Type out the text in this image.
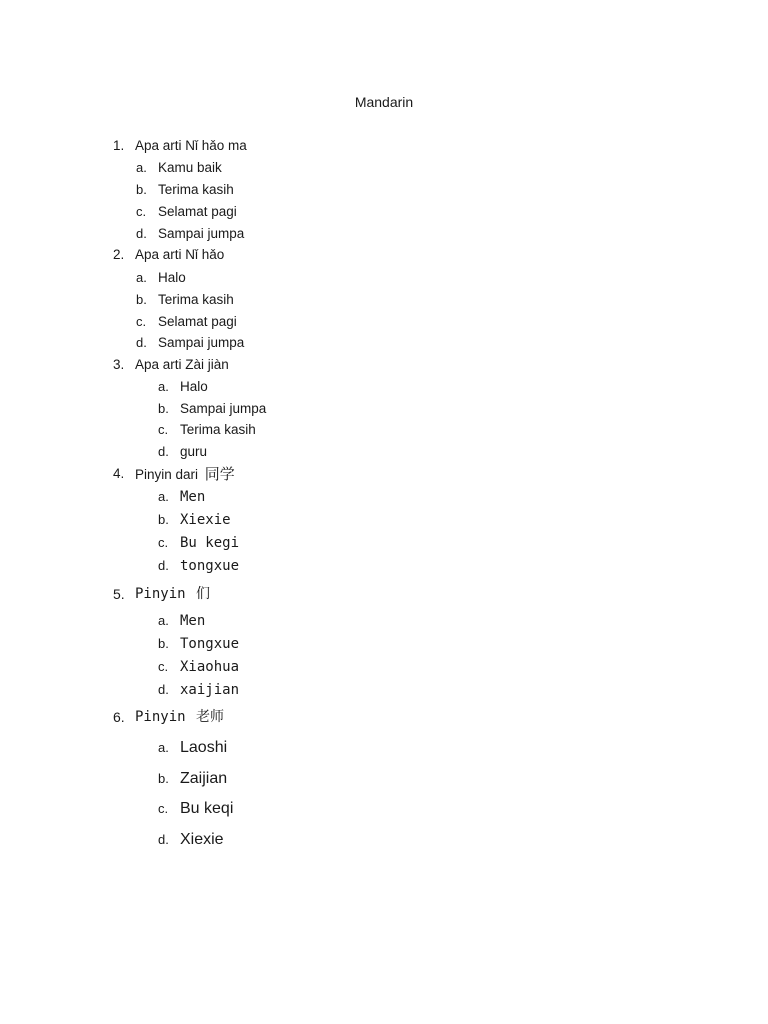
Mandarin
1. Apa arti Nǐ hǎo ma
a. Kamu baik
b. Terima kasih
c. Selamat pagi
d. Sampai jumpa
2. Apa arti Nǐ hǎo
a. Halo
b. Terima kasih
c. Selamat pagi
d. Sampai jumpa
3. Apa arti Zài jiàn
a. Halo
b. Sampai jumpa
c. Terima kasih
d. guru
4. Pinyin dari 同学
a. Men
b. Xiexie
c. Bu kegi
d. tongxue
5. Pinyin 们
a. Men
b. Tongxue
c. Xiaohua
d. xaijian
6. Pinyin 老师
a. Laoshi
b. Zaijian
c. Bu keqi
d. Xiexie
